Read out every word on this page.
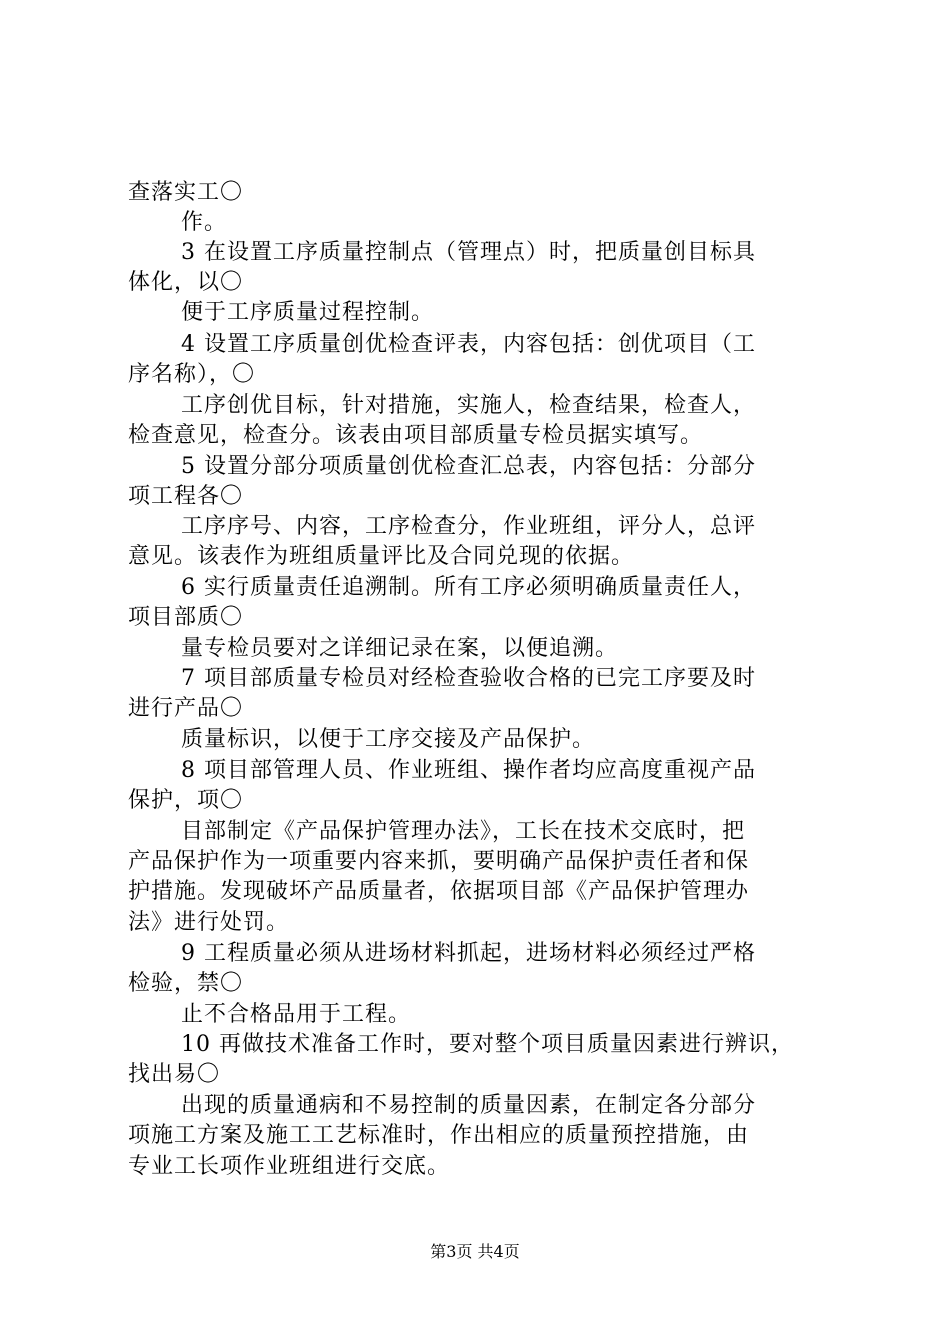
查落实工〇
作。
3 在设置工序质量控制点（管理点）时，把质量创目标具
体化，以〇
便于工序质量过程控制。
4 设置工序质量创优检查评表，内容包括：创优项目（工
序名称），〇
工序创优目标，针对措施，实施人，检查结果，检查人，
检查意见，检查分。该表由项目部质量专检员据实填写。
5 设置分部分项质量创优检查汇总表，内容包括：分部分
项工程各〇
工序序号、内容，工序检查分，作业班组，评分人，总评
意见。该表作为班组质量评比及合同兑现的依据。
6 实行质量责任追溯制。所有工序必须明确质量责任人，
项目部质〇
量专检员要对之详细记录在案，以便追溯。
7 项目部质量专检员对经检查验收合格的已完工序要及时
进行产品〇
质量标识，以便于工序交接及产品保护。
8 项目部管理人员、作业班组、操作者均应高度重视产品
保护，项〇
目部制定《产品保护管理办法》，工长在技术交底时，把
产品保护作为一项重要内容来抓，要明确产品保护责任者和保
护措施。发现破坏产品质量者，依据项目部《产品保护管理办
法》进行处罚。
9 工程质量必须从进场材料抓起，进场材料必须经过严格
检验，禁〇
止不合格品用于工程。
10 再做技术准备工作时，要对整个项目质量因素进行辨识，
找出易〇
出现的质量通病和不易控制的质量因素，在制定各分部分
项施工方案及施工工艺标准时，作出相应的质量预控措施，由
专业工长项作业班组进行交底。
第3页 共4页
